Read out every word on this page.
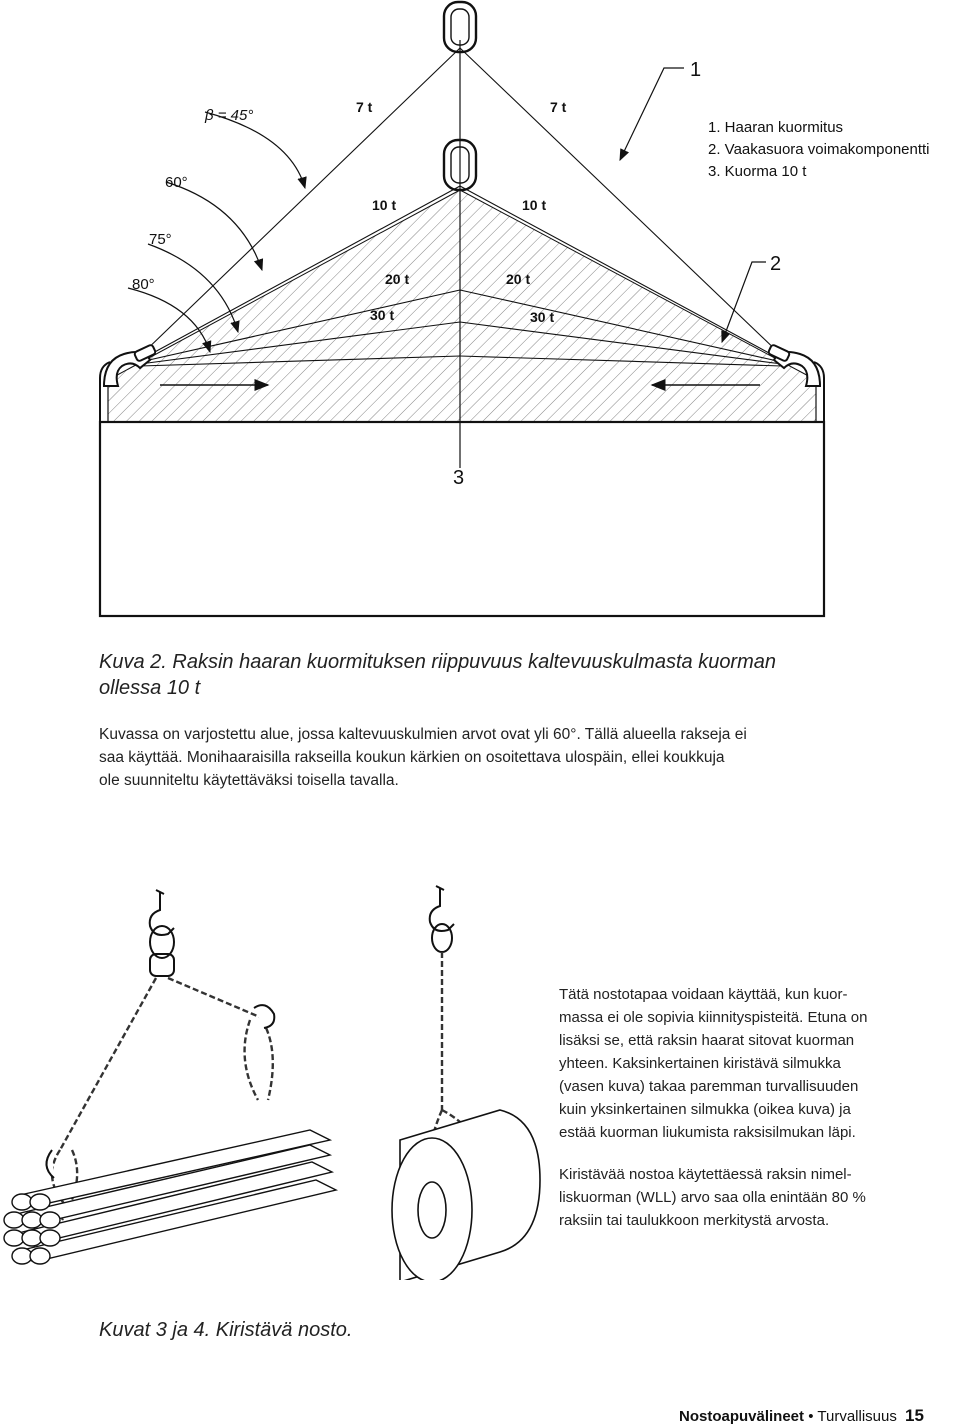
β = 45°
60°
75°
80°
7 t	7 t
10 t	10 t
20 t	20 t
30 t	30 t
1
2
3
1. Haaran kuormitus
2. Vaakasuora voimakomponentti
3. Kuorma 10 t
Kuva 2. Raksin haaran kuormituksen riippuvuus kaltevuuskulmasta kuorman
ollessa 10 t
Kuvassa on varjostettu alue, jossa kaltevuuskulmien arvot ovat yli 60°. Tällä alueella rakseja ei
saa käyttää. Monihaaraisilla rakseilla koukun kärkien on osoitettava ulospäin, ellei koukkuja
ole suunniteltu käytettäväksi toisella tavalla.
Tätä nostotapaa voidaan käyttää, kun kuor-
massa ei ole sopivia kiinnityspisteitä. Etuna on
lisäksi se, että raksin haarat sitovat kuorman
yhteen. Kaksinkertainen kiristävä silmukka
(vasen kuva) takaa paremman turvallisuuden
kuin yksinkertainen silmukka (oikea kuva) ja
estää kuorman liukumista raksisilmukan läpi.
Kiristävää nostoa käytettäessä raksin nimel-
liskuorman (WLL) arvo saa olla enintään 80 %
raksiin tai taulukkoon merkitystä arvosta.
Kuvat 3 ja 4. Kiristävä nosto.
Nostoapuvälineet • Turvallisuus 15
